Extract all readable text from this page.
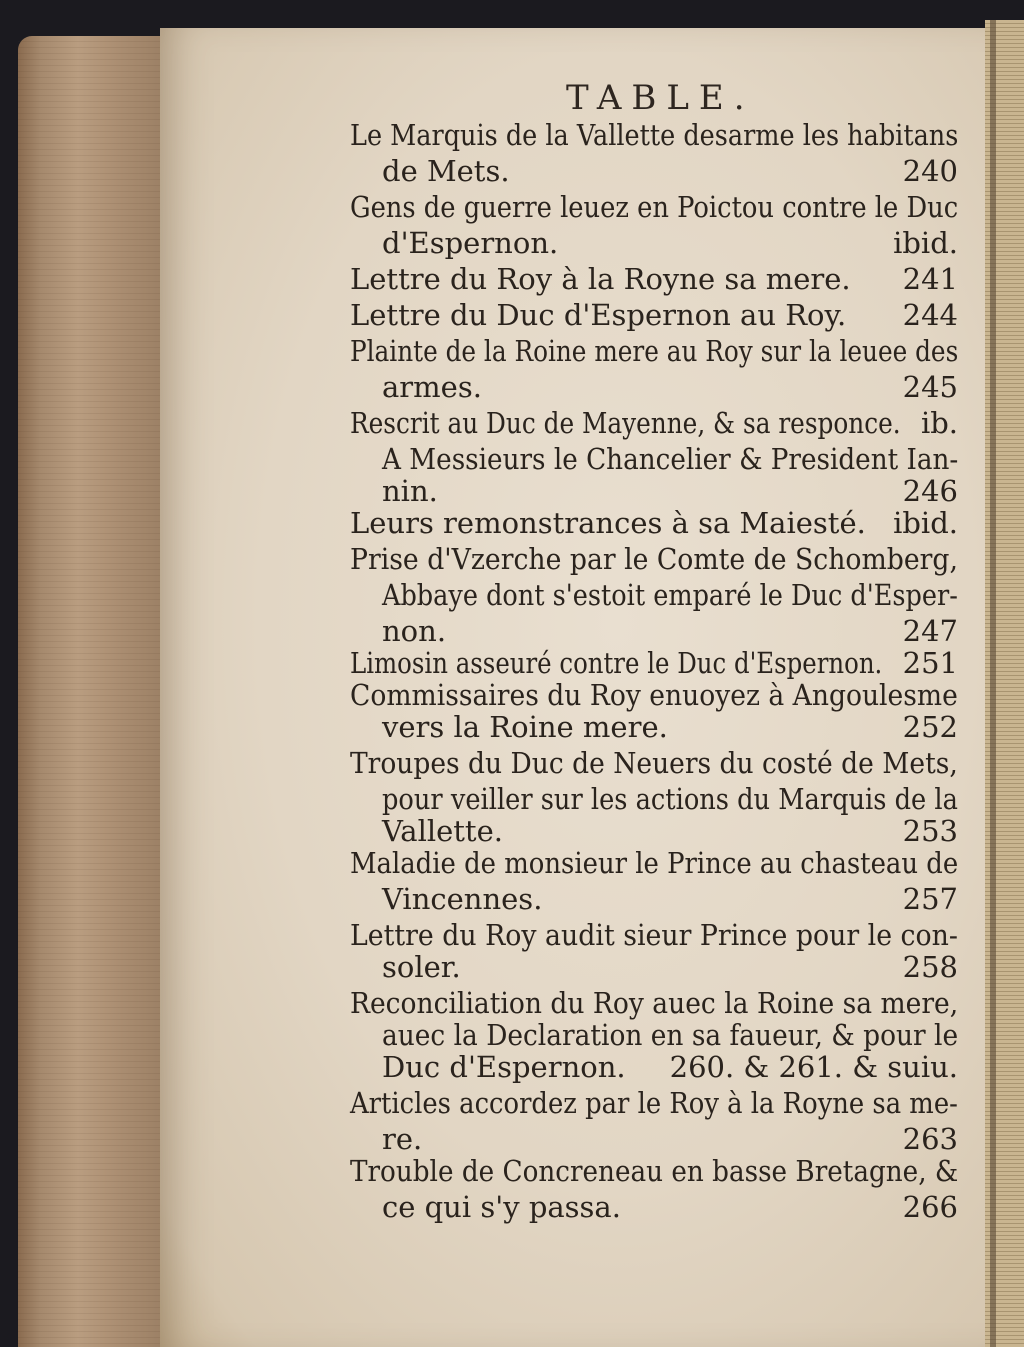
TABLE.
Le Marquis de la Vallette desarme les habitans
de Mets.	240
Gens de guerre leuez en Poictou contre le Duc
d'Espernon.	ibid.
Lettre du Roy à la Royne sa mere. 241
Lettre du Duc d'Espernon au Roy. 244
Plainte de la Roine mere au Roy sur la leuee des
armes.	245
Rescrit au Duc de Mayenne, & sa responce. ib.
A Messieurs le Chancelier & President Ian-
nin.	246
Leurs remonstrances à sa Maiesté. ibid.
Prise d'Vzerche par le Comte de Schomberg,
Abbaye dont s'estoit emparé le Duc d'Esper-
non.	247
Limosin asseuré contre le Duc d'Espernon. 251
Commissaires du Roy enuoyez à Angoulesme
vers la Roine mere.	252
Troupes du Duc de Neuers du costé de Mets,
pour veiller sur les actions du Marquis de la
Vallette.	253
Maladie de monsieur le Prince au chasteau de
Vincennes.	257
Lettre du Roy audit sieur Prince pour le con-
soler.	258
Reconciliation du Roy auec la Roine sa mere,
auec la Declaration en sa faueur, & pour le
Duc d'Espernon. 260. & 261. & suiu.
Articles accordez par le Roy à la Royne sa me-
re.	263
Trouble de Concreneau en basse Bretagne, &
ce qui s'y passa.	266
